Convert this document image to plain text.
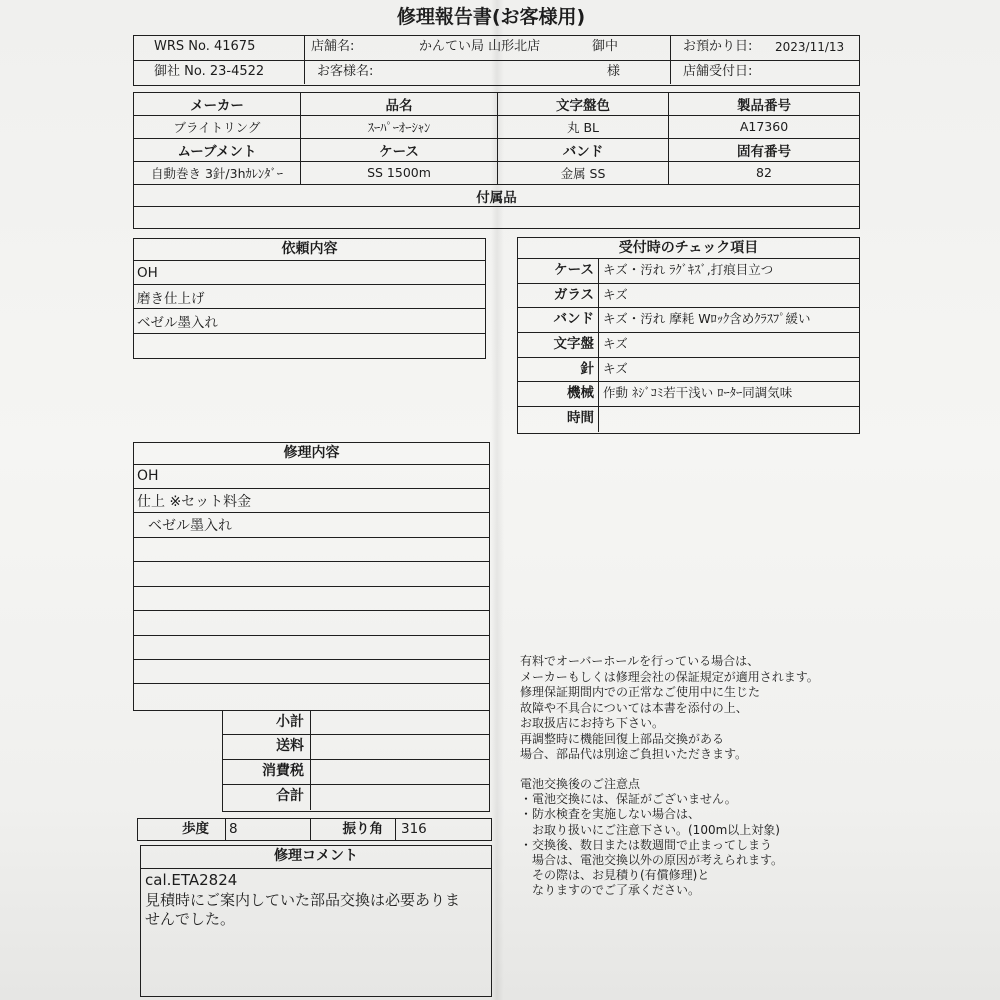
修理報告書(お客様用)
WRS No. 41675	店舗名:	かんてい局 山形北店	御中	お預かり日: 2023/11/13
御社 No. 23-4522	お客様名:	様	店舗受付日:
メーカー	品名	文字盤色	製品番号
ブライトリング	ｽｰﾊﾟｰｵｰｼｬﾝ	丸 BL	A17360
ムーブメント	ケース	バンド	固有番号
自動巻き 3針/3hｶﾚﾝﾀﾞｰ	SS 1500m	金属 SS	82
付属品
依頼内容
OH
磨き仕上げ
ベゼル墨入れ
受付時のチェック項目
ケース キズ・汚れ ﾗｸﾞｷｽﾞ,打痕目立つ
ガラス キズ
バンド キズ・汚れ 摩耗 Wﾛｯｸ含めｸﾗｽﾌﾟ緩い
文字盤 キズ
針 キズ
機械 作動 ﾈｼﾞｺﾐ若干浅い ﾛｰﾀｰ同調気味
時間
修理内容
OH
仕上 ※セット料金
ベゼル墨入れ
小計
送料
消費税
合計
歩度	8	振り角	316
修理コメント
cal.ETA2824
見積時にご案内していた部品交換は必要ありま
せんでした。
有料でオーバーホールを行っている場合は、
メーカーもしくは修理会社の保証規定が適用されます。
修理保証期間内での正常なご使用中に生じた
故障や不具合については本書を添付の上、
お取扱店にお持ち下さい。
再調整時に機能回復上部品交換がある
場合、部品代は別途ご負担いただきます。
電池交換後のご注意点
・電池交換には、保証がございません。
・防水検査を実施しない場合は、
お取り扱いにご注意下さい。(100m以上対象)
・交換後、数日または数週間で止まってしまう
場合は、電池交換以外の原因が考えられます。
その際は、お見積り(有償修理)と
なりますのでご了承ください。
